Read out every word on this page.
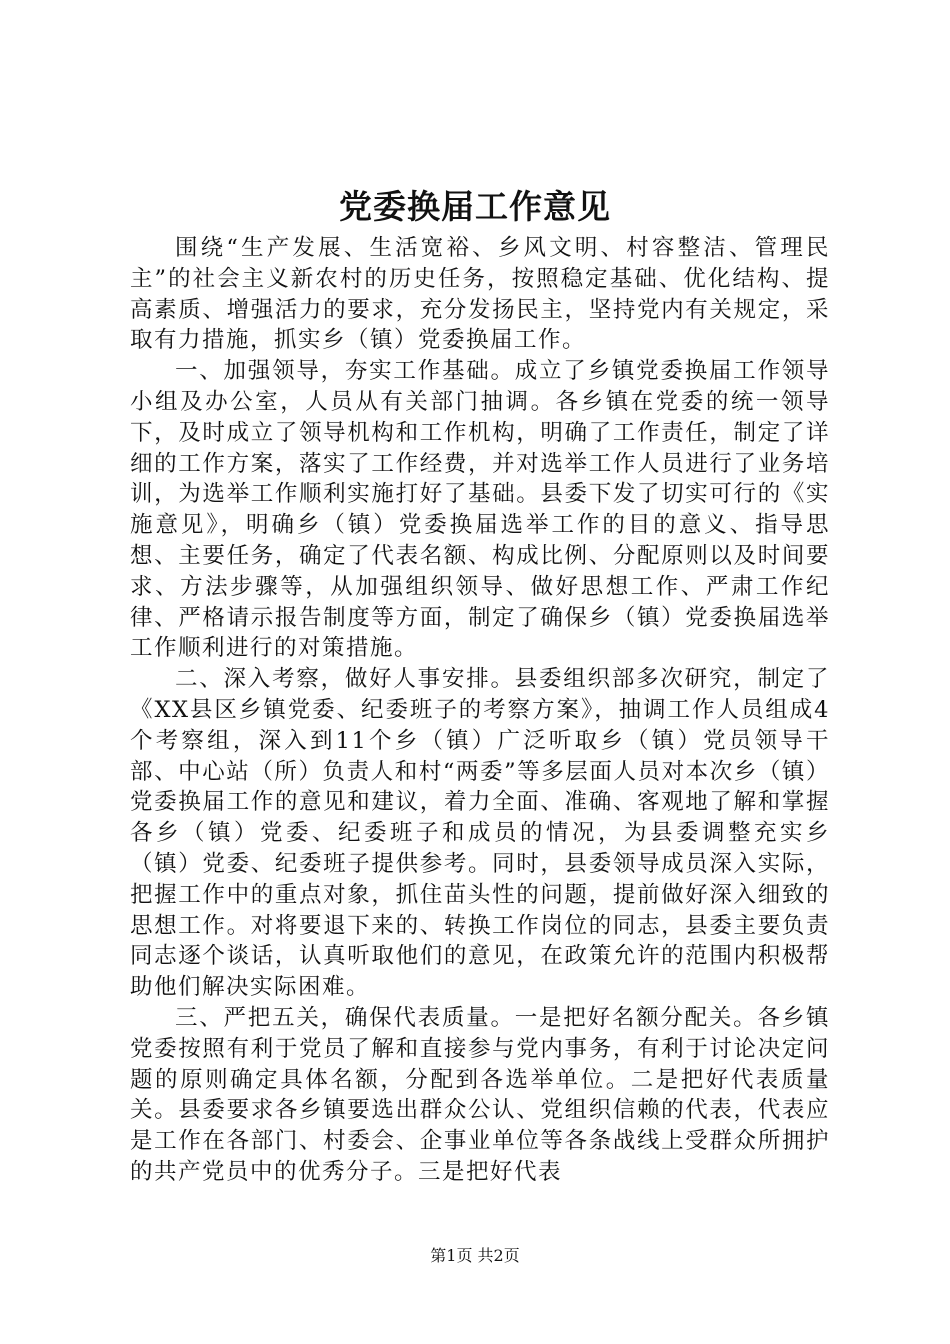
党委换届工作意见

围绕“生产发展、生活宽裕、乡风文明、村容整洁、管理民主”的社会主义新农村的历史任务，按照稳定基础、优化结构、提高素质、增强活力的要求，充分发扬民主，坚持党内有关规定，采取有力措施，抓实乡（镇）党委换届工作。

一、加强领导，夯实工作基础。成立了乡镇党委换届工作领导小组及办公室，人员从有关部门抽调。各乡镇在党委的统一领导下，及时成立了领导机构和工作机构，明确了工作责任，制定了详细的工作方案，落实了工作经费，并对选举工作人员进行了业务培训，为选举工作顺利实施打好了基础。县委下发了切实可行的《实施意见》，明确乡（镇）党委换届选举工作的目的意义、指导思想、主要任务，确定了代表名额、构成比例、分配原则以及时间要求、方法步骤等，从加强组织领导、做好思想工作、严肃工作纪律、严格请示报告制度等方面，制定了确保乡（镇）党委换届选举工作顺利进行的对策措施。

二、深入考察，做好人事安排。县委组织部多次研究，制定了《XX县区乡镇党委、纪委班子的考察方案》，抽调工作人员组成4个考察组，深入到11个乡（镇）广泛听取乡（镇）党员领导干部、中心站（所）负责人和村“两委”等多层面人员对本次乡（镇）党委换届工作的意见和建议，着力全面、准确、客观地了解和掌握各乡（镇）党委、纪委班子和成员的情况，为县委调整充实乡（镇）党委、纪委班子提供参考。同时，县委领导成员深入实际，把握工作中的重点对象，抓住苗头性的问题，提前做好深入细致的思想工作。对将要退下来的、转换工作岗位的同志，县委主要负责同志逐个谈话，认真听取他们的意见，在政策允许的范围内积极帮助他们解决实际困难。

三、严把五关，确保代表质量。一是把好名额分配关。各乡镇党委按照有利于党员了解和直接参与党内事务，有利于讨论决定问题的原则确定具体名额，分配到各选举单位。二是把好代表质量关。县委要求各乡镇要选出群众公认、党组织信赖的代表，代表应是工作在各部门、村委会、企事业单位等各条战线上受群众所拥护的共产党员中的优秀分子。三是把好代表

第1页 共2页
